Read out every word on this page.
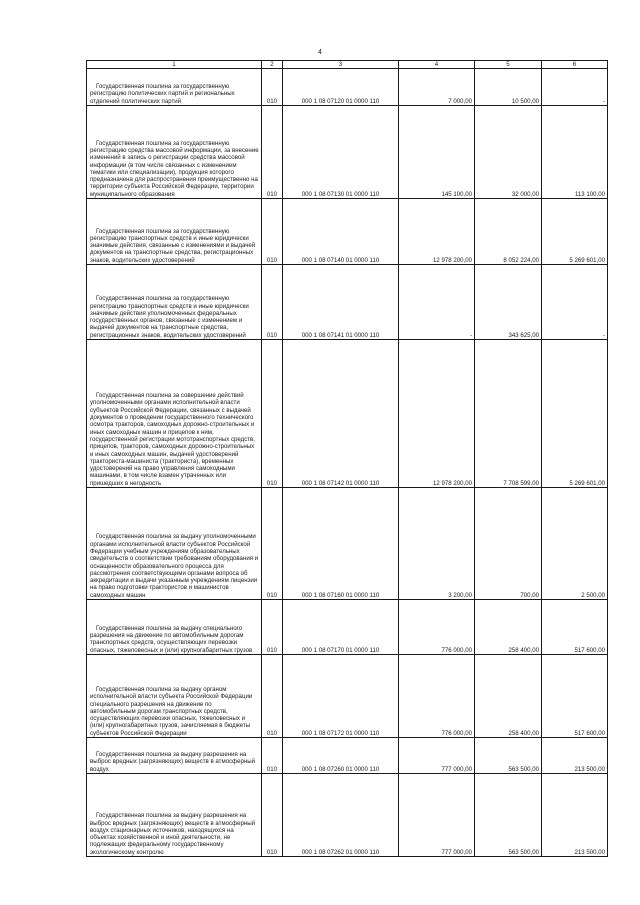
4
1	2	3	4	5	6
Государственная пошлина за государственную регистрацию политических партий и региональных отделений политических партий	010	000 1 08 07120 01 0000 110	7 000,00	10 500,00	-
Государственная пошлина за государственную регистрацию средства массовой информации, за внесение изменений в запись о регистрации средства массовой информации (в том числе связанных с изменением тематики или специализации), продукция которого предназначена для распространения преимущественно на территории субъекта Российской Федерации, территории муниципального образования	010	000 1 08 07130 01 0000 110	145 100,00	32 000,00	113 100,00
Государственная пошлина за государственную регистрацию транспортных средств и иные юридически значимые действия, связанные с изменениями и выдачей документов на транспортные средства, регистрационных знаков, водительских удостоверений	010	000 1 08 07140 01 0000 110	12 978 200,00	8 052 224,00	5 269 601,00
Государственная пошлина за государственную регистрацию транспортных средств и иные юридически значимые действия уполномоченных федеральных государственных органов, связанные с изменением и выдачей документов на транспортные средства, регистрационных знаков, водительских удостоверений	010	000 1 08 07141 01 0000 110	-	343 625,00	-
Государственная пошлина за совершение действий уполномоченными органами исполнительной власти субъектов Российской Федерации, связанных с выдачей документов о проведении государственного технического осмотра тракторов, самоходных дорожно-строительных и иных самоходных машин и прицепов к ним, государственной регистрации мототранспортных средств, прицепов, тракторов, самоходных дорожно-строительных и иных самоходных машин, выдачей удостоверений тракториста-машиниста (тракториста), временных удостоверений на право управления самоходными машинами, в том числе взамен утраченных или пришедших в негодность	010	000 1 08 07142 01 0000 110	12 978 200,00	7 708 599,00	5 269 601,00
Государственная пошлина за выдачу уполномоченными органами исполнительной власти субъектов Российской Федерации учебным учреждениям образовательных свидетельств о соответствии требованиям оборудования и оснащенности образовательного процесса для рассмотрения соответствующими органами вопроса об аккредитации и выдачи указанным учреждениям лицензии на право подготовки трактористов и машинистов самоходных машин	010	000 1 08 07160 01 0000 110	3 200,00	700,00	2 500,00
Государственная пошлина за выдачу специального разрешения на движение по автомобильным дорогам транспортных средств, осуществляющих перевозки опасных, тяжеловесных и (или) крупногабаритных грузов	010	000 1 08 07170 01 0000 110	776 000,00	258 400,00	517 600,00
Государственная пошлина за выдачу органом исполнительной власти субъекта Российской Федерации специального разрешения на движение по автомобильным дорогам транспортных средств, осуществляющих перевозки опасных, тяжеловесных и (или) крупногабаритных грузов, зачисляемая в бюджеты субъектов Российской Федерации	010	000 1 08 07172 01 0000 110	776 000,00	258 400,00	517 600,00
Государственная пошлина за выдачу разрешения на выброс вредных (загрязняющих) веществ в атмосферный воздух	010	000 1 08 07260 01 0000 110	777 000,00	563 500,00	213 500,00
Государственная пошлина за выдачу разрешения на выброс вредных (загрязняющих) веществ в атмосферный воздух стационарных источников, находящихся на объектах хозяйственной и иной деятельности, не подлежащих федеральному государственному экологическому контролю	010	000 1 08 07262 01 0000 110	777 000,00	563 500,00	213 500,00
